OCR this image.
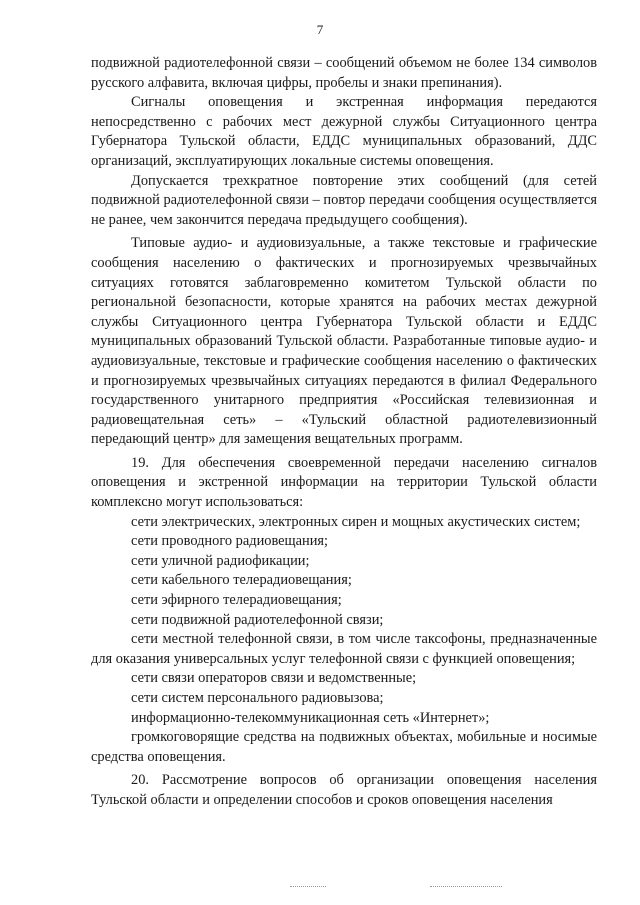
7

подвижной радиотелефонной связи – сообщений объемом не более 134 символов русского алфавита, включая цифры, пробелы и знаки препинания).

Сигналы оповещения и экстренная информация передаются непосредственно с рабочих мест дежурной службы Ситуационного центра Губернатора Тульской области, ЕДДС муниципальных образований, ДДС организаций, эксплуатирующих локальные системы оповещения.

Допускается трехкратное повторение этих сообщений (для сетей подвижной радиотелефонной связи – повтор передачи сообщения осуществляется не ранее, чем закончится передача предыдущего сообщения).

Типовые аудио- и аудиовизуальные, а также текстовые и графические сообщения населению о фактических и прогнозируемых чрезвычайных ситуациях готовятся заблаговременно комитетом Тульской области по региональной безопасности, которые хранятся на рабочих местах дежурной службы Ситуационного центра Губернатора Тульской области и ЕДДС муниципальных образований Тульской области. Разработанные типовые аудио- и аудиовизуальные, текстовые и графические сообщения населению о фактических и прогнозируемых чрезвычайных ситуациях передаются в филиал Федерального государственного унитарного предприятия «Российская телевизионная и радиовещательная сеть» – «Тульский областной радиотелевизионный передающий центр» для замещения вещательных программ.

19. Для обеспечения своевременной передачи населению сигналов оповещения и экстренной информации на территории Тульской области комплексно могут использоваться:

сети электрических, электронных сирен и мощных акустических систем;
сети проводного радиовещания;
сети уличной радиофикации;
сети кабельного телерадиовещания;
сети эфирного телерадиовещания;
сети подвижной радиотелефонной связи;
сети местной телефонной связи, в том числе таксофоны, предназначенные для оказания универсальных услуг телефонной связи с функцией оповещения;
сети связи операторов связи и ведомственные;
сети систем персонального радиовызова;
информационно-телекоммуникационная сеть «Интернет»;
громкоговорящие средства на подвижных объектах, мобильные и носимые средства оповещения.

20. Рассмотрение вопросов об организации оповещения населения Тульской области и определении способов и сроков оповещения населения
